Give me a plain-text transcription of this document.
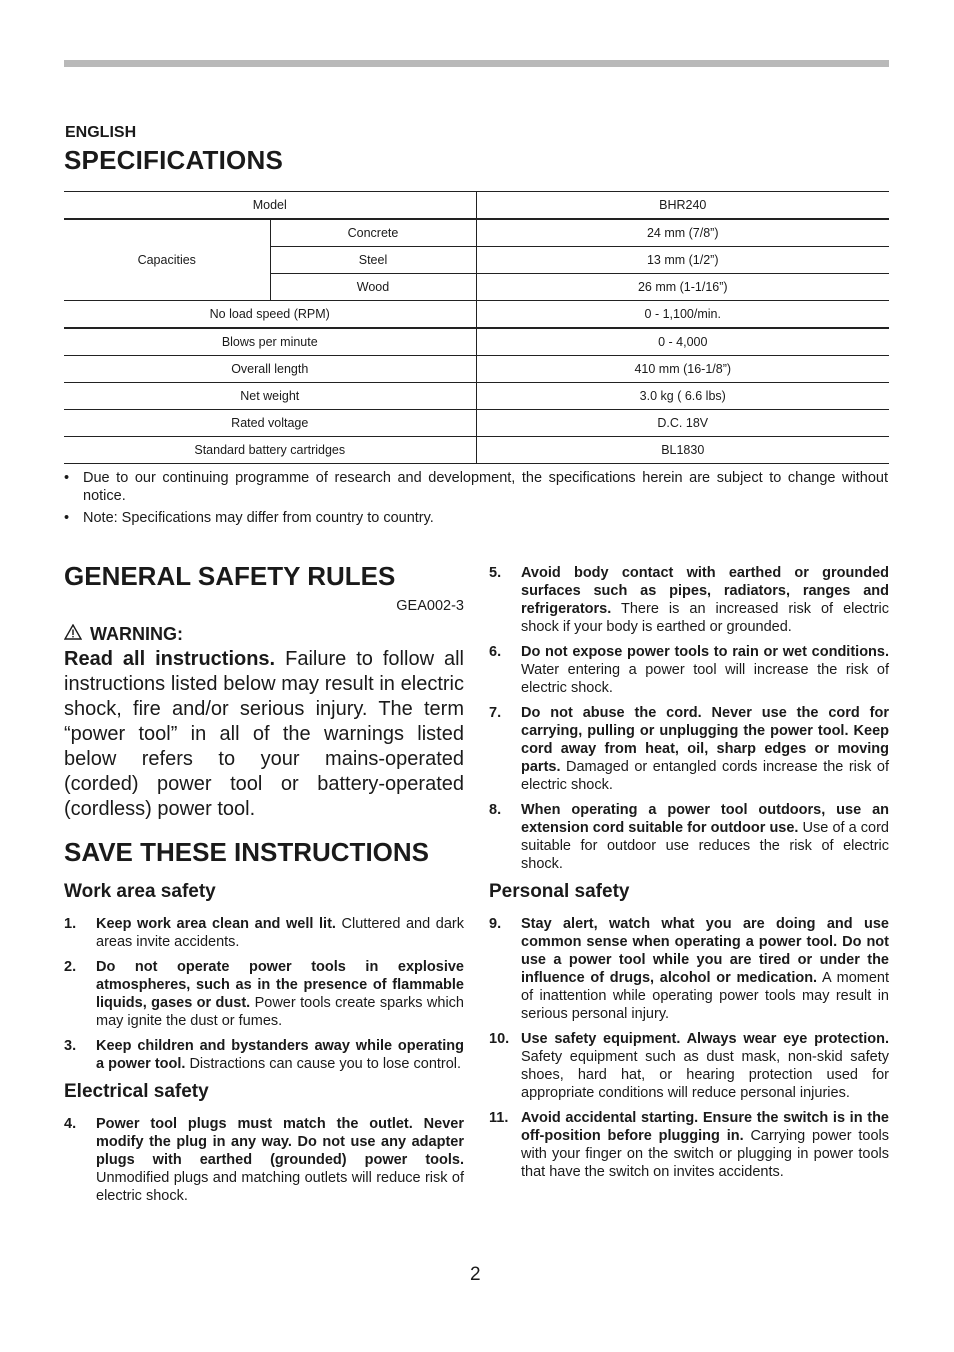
ENGLISH
SPECIFICATIONS
Model		BHR240
Capacities	Concrete	24 mm (7/8”)
	Steel	13 mm (1/2”)
	Wood	26 mm (1-1/16”)
No load speed (RPM)		0 - 1,100/min.
Blows per minute		0 - 4,000
Overall length		410 mm (16-1/8”)
Net weight		3.0 kg ( 6.6 lbs)
Rated voltage		D.C. 18V
Standard battery cartridges		BL1830
• Due to our continuing programme of research and development, the specifications herein are subject to change without notice.
• Note: Specifications may differ from country to country.
GENERAL SAFETY RULES
GEA002-3
WARNING:
Read all instructions. Failure to follow all instructions listed below may result in electric shock, fire and/or serious injury. The term “power tool” in all of the warnings listed below refers to your mains-operated (corded) power tool or battery-operated (cordless) power tool.
SAVE THESE INSTRUCTIONS
Work area safety
1. Keep work area clean and well lit. Cluttered and dark areas invite accidents.
2. Do not operate power tools in explosive atmospheres, such as in the presence of flammable liquids, gases or dust. Power tools create sparks which may ignite the dust or fumes.
3. Keep children and bystanders away while operating a power tool. Distractions can cause you to lose control.
Electrical safety
4. Power tool plugs must match the outlet. Never modify the plug in any way. Do not use any adapter plugs with earthed (grounded) power tools. Unmodified plugs and matching outlets will reduce risk of electric shock.
5. Avoid body contact with earthed or grounded surfaces such as pipes, radiators, ranges and refrigerators. There is an increased risk of electric shock if your body is earthed or grounded.
6. Do not expose power tools to rain or wet conditions. Water entering a power tool will increase the risk of electric shock.
7. Do not abuse the cord. Never use the cord for carrying, pulling or unplugging the power tool. Keep cord away from heat, oil, sharp edges or moving parts. Damaged or entangled cords increase the risk of electric shock.
8. When operating a power tool outdoors, use an extension cord suitable for outdoor use. Use of a cord suitable for outdoor use reduces the risk of electric shock.
Personal safety
9. Stay alert, watch what you are doing and use common sense when operating a power tool. Do not use a power tool while you are tired or under the influence of drugs, alcohol or medication. A moment of inattention while operating power tools may result in serious personal injury.
10. Use safety equipment. Always wear eye protection. Safety equipment such as dust mask, non-skid safety shoes, hard hat, or hearing protection used for appropriate conditions will reduce personal injuries.
11. Avoid accidental starting. Ensure the switch is in the off-position before plugging in. Carrying power tools with your finger on the switch or plugging in power tools that have the switch on invites accidents.
2
